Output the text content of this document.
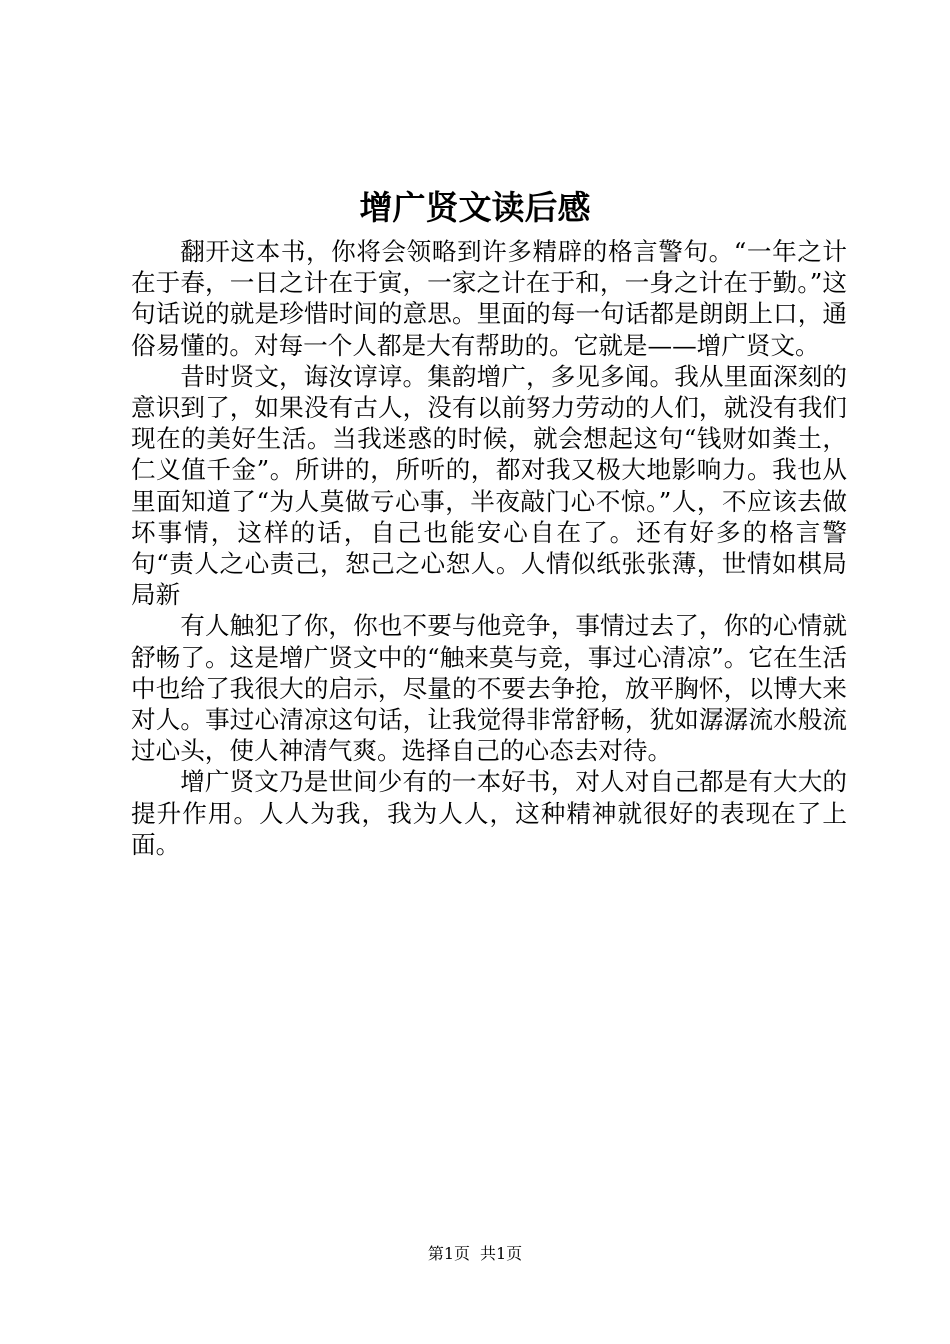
增广贤文读后感

翻开这本书，你将会领略到许多精辟的格言警句。“一年之计在于春，一日之计在于寅，一家之计在于和，一身之计在于勤。”这句话说的就是珍惜时间的意思。里面的每一句话都是朗朗上口，通俗易懂的。对每一个人都是大有帮助的。它就是——增广贤文。

昔时贤文，诲汝谆谆。集韵增广，多见多闻。我从里面深刻的意识到了，如果没有古人，没有以前努力劳动的人们，就没有我们现在的美好生活。当我迷惑的时候，就会想起这句“钱财如粪土，仁义值千金”。所讲的，所听的，都对我又极大地影响力。我也从里面知道了“为人莫做亏心事，半夜敲门心不惊。”人，不应该去做坏事情，这样的话，自己也能安心自在了。还有好多的格言警句“责人之心责己，恕己之心恕人。人情似纸张张薄，世情如棋局局新

有人触犯了你，你也不要与他竞争，事情过去了，你的心情就舒畅了。这是增广贤文中的“触来莫与竞，事过心清凉”。它在生活中也给了我很大的启示，尽量的不要去争抢，放平胸怀，以博大来对人。事过心清凉这句话，让我觉得非常舒畅，犹如潺潺流水般流过心头，使人神清气爽。选择自己的心态去对待。

增广贤文乃是世间少有的一本好书，对人对自己都是有大大的提升作用。人人为我，我为人人，这种精神就很好的表现在了上面。

第1页 共1页
